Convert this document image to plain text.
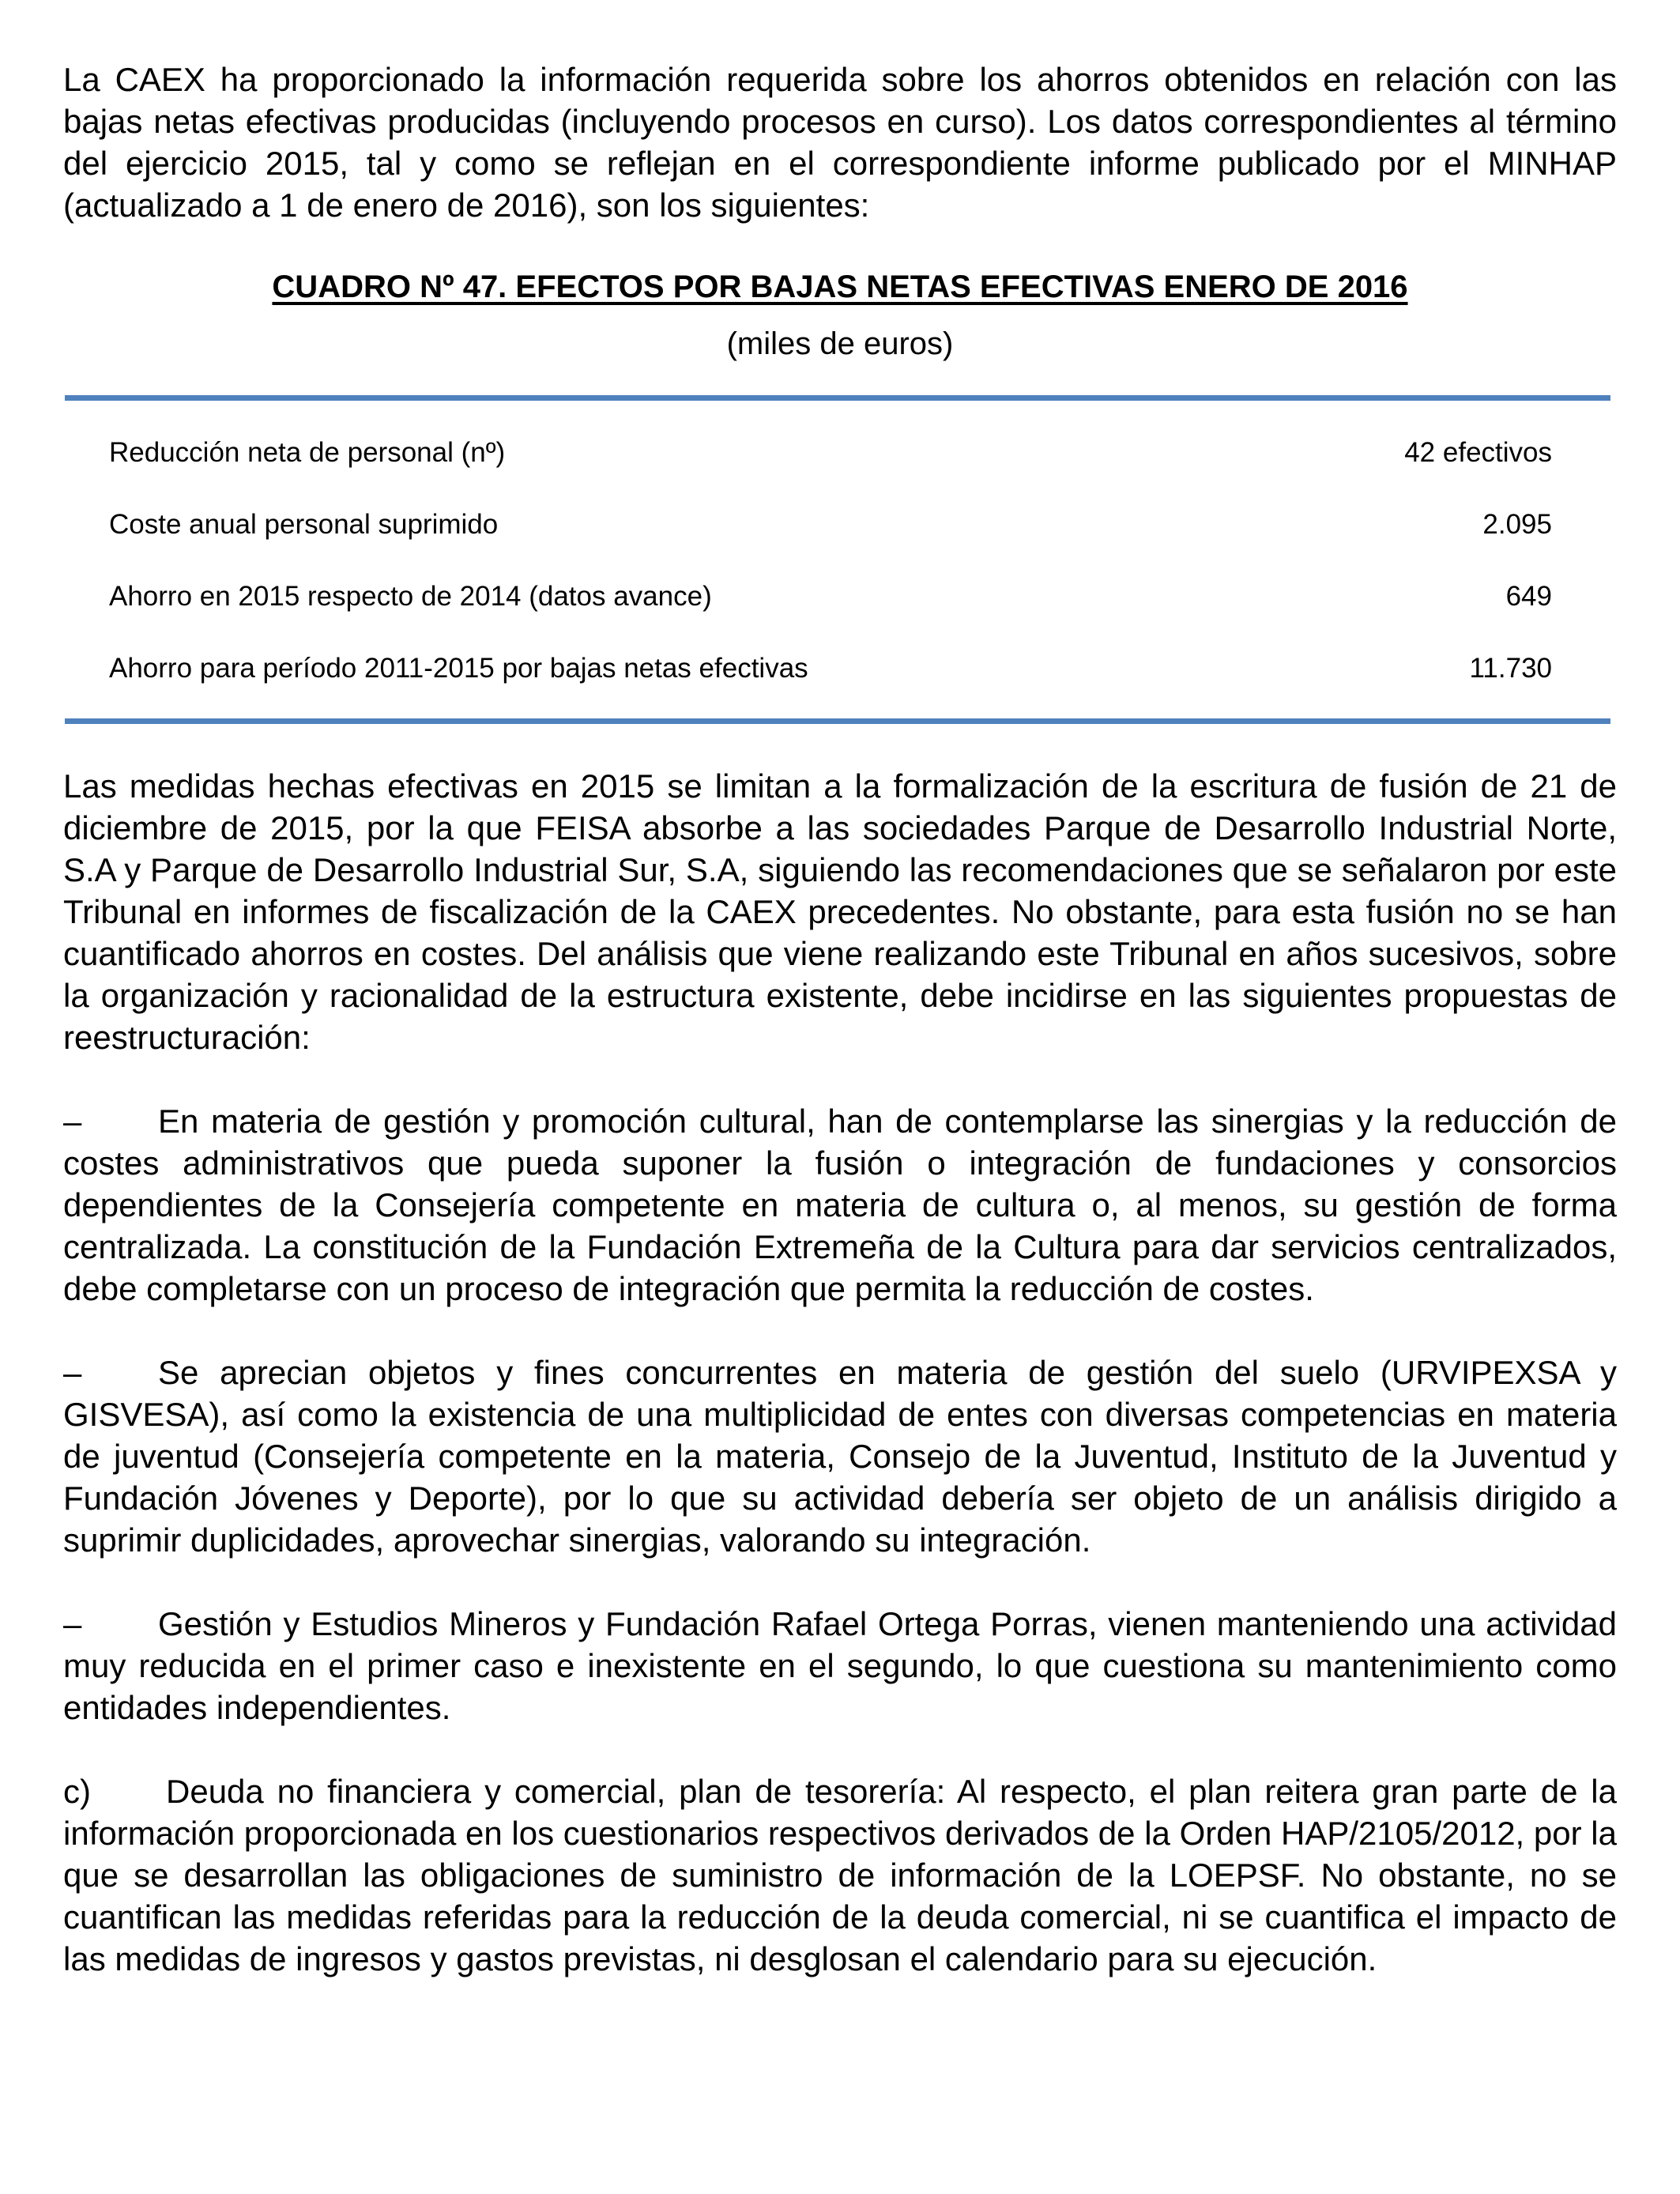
La CAEX ha proporcionado la información requerida sobre los ahorros obtenidos en relación con las bajas netas efectivas producidas (incluyendo procesos en curso). Los datos correspondientes al término del ejercicio 2015, tal y como se reflejan en el correspondiente informe publicado por el MINHAP (actualizado a 1 de enero de 2016), son los siguientes:

CUADRO Nº 47. EFECTOS POR BAJAS NETAS EFECTIVAS ENERO DE 2016

(miles de euros)

Reducción neta de personal (nº)	42 efectivos
Coste anual personal suprimido	2.095
Ahorro en 2015 respecto de 2014 (datos avance)	649
Ahorro para período 2011-2015 por bajas netas efectivas	11.730

Las medidas hechas efectivas en 2015 se limitan a la formalización de la escritura de fusión de 21 de diciembre de 2015, por la que FEISA absorbe a las sociedades Parque de Desarrollo Industrial Norte, S.A y Parque de Desarrollo Industrial Sur, S.A, siguiendo las recomendaciones que se señalaron por este Tribunal en informes de fiscalización de la CAEX precedentes. No obstante, para esta fusión no se han cuantificado ahorros en costes. Del análisis que viene realizando este Tribunal en años sucesivos, sobre la organización y racionalidad de la estructura existente, debe incidirse en las siguientes propuestas de reestructuración:

– En materia de gestión y promoción cultural, han de contemplarse las sinergias y la reducción de costes administrativos que pueda suponer la fusión o integración de fundaciones y consorcios dependientes de la Consejería competente en materia de cultura o, al menos, su gestión de forma centralizada. La constitución de la Fundación Extremeña de la Cultura para dar servicios centralizados, debe completarse con un proceso de integración que permita la reducción de costes.

– Se aprecian objetos y fines concurrentes en materia de gestión del suelo (URVIPEXSA y GISVESA), así como la existencia de una multiplicidad de entes con diversas competencias en materia de juventud (Consejería competente en la materia, Consejo de la Juventud, Instituto de la Juventud y Fundación Jóvenes y Deporte), por lo que su actividad debería ser objeto de un análisis dirigido a suprimir duplicidades, aprovechar sinergias, valorando su integración.

– Gestión y Estudios Mineros y Fundación Rafael Ortega Porras, vienen manteniendo una actividad muy reducida en el primer caso e inexistente en el segundo, lo que cuestiona su mantenimiento como entidades independientes.

c) Deuda no financiera y comercial, plan de tesorería: Al respecto, el plan reitera gran parte de la información proporcionada en los cuestionarios respectivos derivados de la Orden HAP/2105/2012, por la que se desarrollan las obligaciones de suministro de información de la LOEPSF. No obstante, no se cuantifican las medidas referidas para la reducción de la deuda comercial, ni se cuantifica el impacto de las medidas de ingresos y gastos previstas, ni desglosan el calendario para su ejecución.
